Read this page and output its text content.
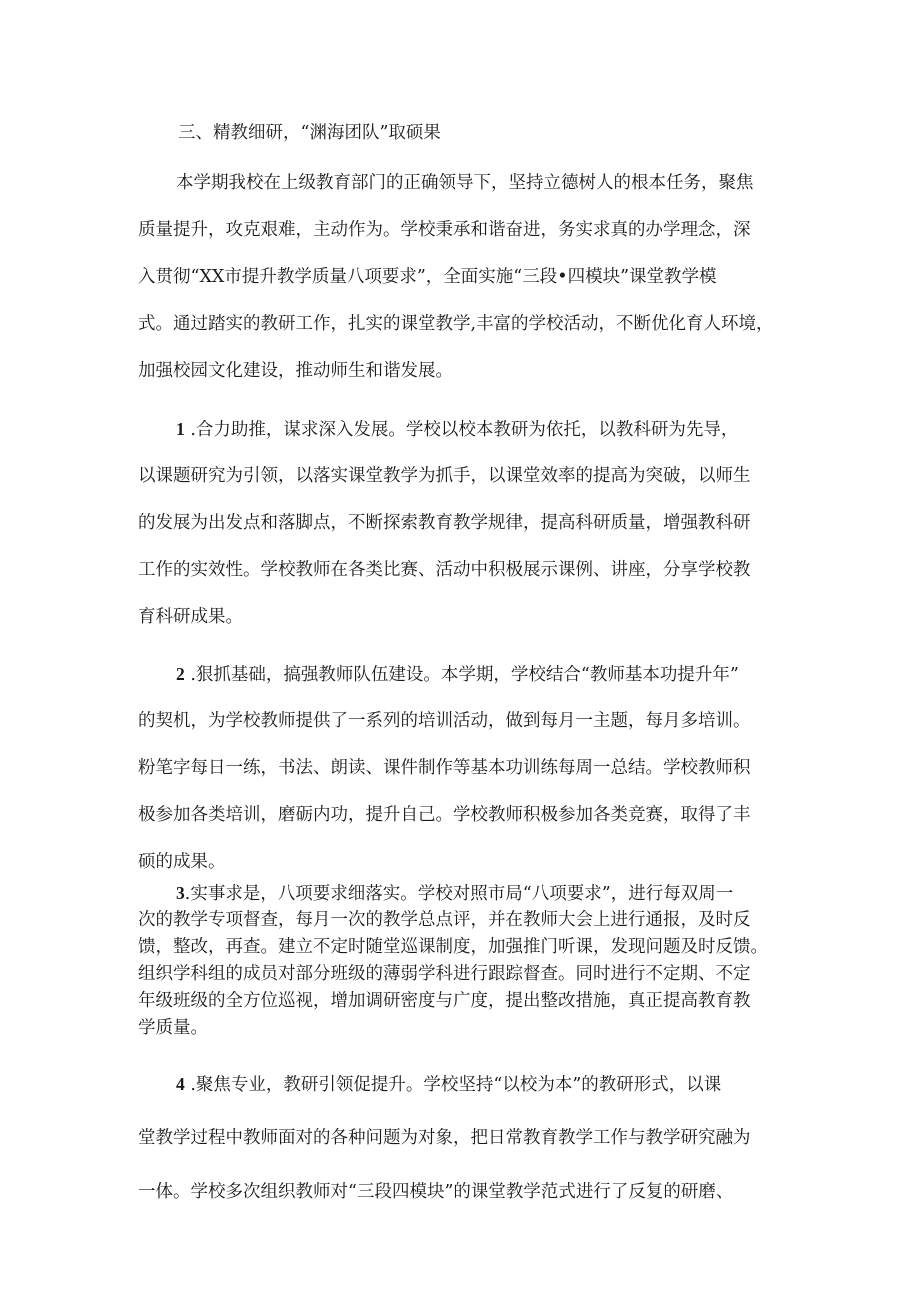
三、精教细研，“渊海团队”取硕果

本学期我校在上级教育部门的正确领导下，坚持立德树人的根本任务，聚焦

质量提升，攻克艰难，主动作为。学校秉承和谐奋进，务实求真的办学理念，深

入贯彻“XX市提升教学质量八项要求”，全面实施“三段•四模块”课堂教学模

式。通过踏实的教研工作，扎实的课堂教学,丰富的学校活动，不断优化育人环境，

加强校园文化建设，推动师生和谐发展。

1 .合力助推，谋求深入发展。学校以校本教研为依托，以教科研为先导，

以课题研究为引领，以落实课堂教学为抓手，以课堂效率的提高为突破，以师生

的发展为出发点和落脚点，不断探索教育教学规律，提高科研质量，增强教科研

工作的实效性。学校教师在各类比赛、活动中积极展示课例、讲座，分享学校教

育科研成果。

2 .狠抓基础，搞强教师队伍建设。本学期，学校结合“教师基本功提升年”

的契机，为学校教师提供了一系列的培训活动，做到每月一主题，每月多培训。

粉笔字每日一练，书法、朗读、课件制作等基本功训练每周一总结。学校教师积

极参加各类培训，磨砺内功，提升自己。学校教师积极参加各类竞赛，取得了丰

硕的成果。

3.实事求是，八项要求细落实。学校对照市局“八项要求”，进行每双周一

次的教学专项督查，每月一次的教学总点评，并在教师大会上进行通报，及时反

馈，整改，再查。建立不定时随堂巡课制度，加强推门听课，发现问题及时反馈。

组织学科组的成员对部分班级的薄弱学科进行跟踪督查。同时进行不定期、不定

年级班级的全方位巡视，增加调研密度与广度，提出整改措施，真正提高教育教

学质量。

4 .聚焦专业，教研引领促提升。学校坚持“以校为本”的教研形式，以课

堂教学过程中教师面对的各种问题为对象，把日常教育教学工作与教学研究融为

一体。学校多次组织教师对“三段四模块”的课堂教学范式进行了反复的研磨、
